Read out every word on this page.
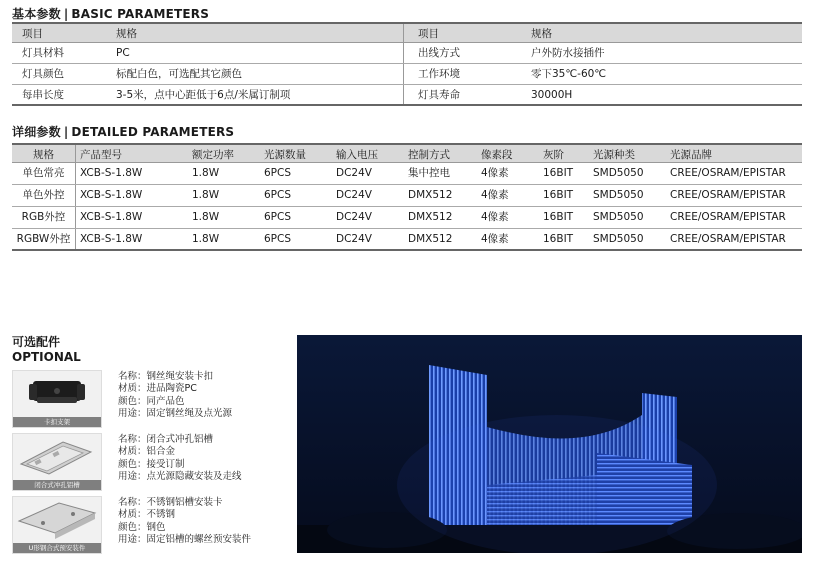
基本参数 | BASIC PARAMETERS
项目	规格	项目	规格
灯具材料	PC	出线方式	户外防水接插件
灯具颜色	标配白色，可选配其它颜色	工作环境	零下35℃-60℃
每串长度	3-5米，点中心距低于6点/米属订制项	灯具寿命	30000H
详细参数 | DETAILED PARAMETERS
规格	产品型号	额定功率	光源数量	输入电压	控制方式	像素段	灰阶	光源种类	光源品牌
单色常亮	XCB-S-1.8W	1.8W	6PCS	DC24V	集中控电	4像素	16BIT	SMD5050	CREE/OSRAM/EPISTAR
单色外控	XCB-S-1.8W	1.8W	6PCS	DC24V	DMX512	4像素	16BIT	SMD5050	CREE/OSRAM/EPISTAR
RGB外控	XCB-S-1.8W	1.8W	6PCS	DC24V	DMX512	4像素	16BIT	SMD5050	CREE/OSRAM/EPISTAR
RGBW外控 XCB-S-1.8W	1.8W	6PCS	DC24V	DMX512	4像素	16BIT	SMD5050	CREE/OSRAM/EPISTAR
可选配件
OPTIONAL
卡扣支架
名称：钢丝绳安装卡扣
材质：进品陶瓷PC
颜色：同产品色
用途：固定钢丝绳及点光源
闭合式冲孔铝槽
名称：闭合式冲孔铝槽
材质：铝合金
颜色：接受订制
用途：点光源隐藏安装及走线
U形钢合式预安装件
名称：不锈钢铝槽安装卡
材质：不锈钢
颜色：钢色
用途：固定铝槽的螺丝预安装件
